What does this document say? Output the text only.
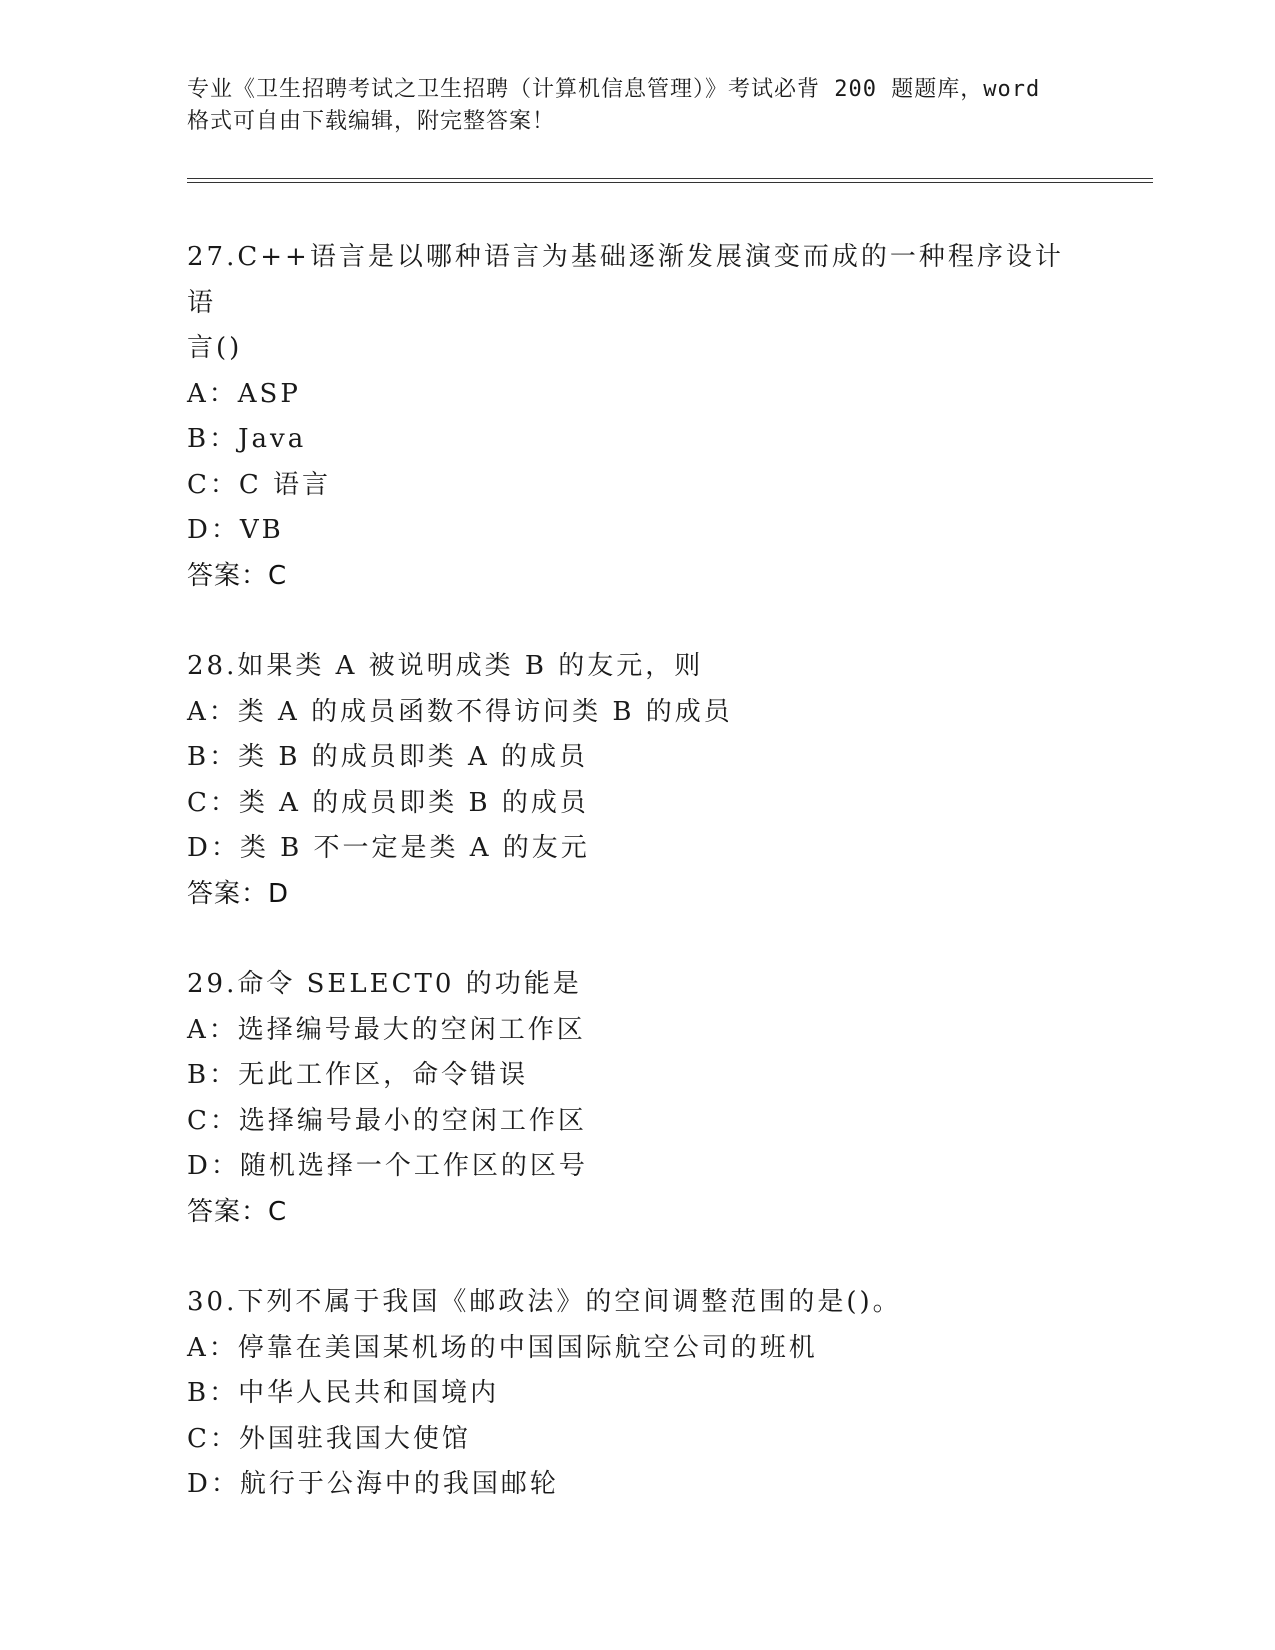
专业《卫生招聘考试之卫生招聘（计算机信息管理）》考试必背 200 题题库，word
格式可自由下载编辑，附完整答案！
27.C++语言是以哪种语言为基础逐渐发展演变而成的一种程序设计语
言()
A：ASP
B：Java
C：C 语言
D：VB
答案：C
28.如果类 A 被说明成类 B 的友元，则
A：类 A 的成员函数不得访问类 B 的成员
B：类 B 的成员即类 A 的成员
C：类 A 的成员即类 B 的成员
D：类 B 不一定是类 A 的友元
答案：D
29.命令 SELECT0 的功能是
A：选择编号最大的空闲工作区
B：无此工作区，命令错误
C：选择编号最小的空闲工作区
D：随机选择一个工作区的区号
答案：C
30.下列不属于我国《邮政法》的空间调整范围的是()。
A：停靠在美国某机场的中国国际航空公司的班机
B：中华人民共和国境内
C：外国驻我国大使馆
D：航行于公海中的我国邮轮
